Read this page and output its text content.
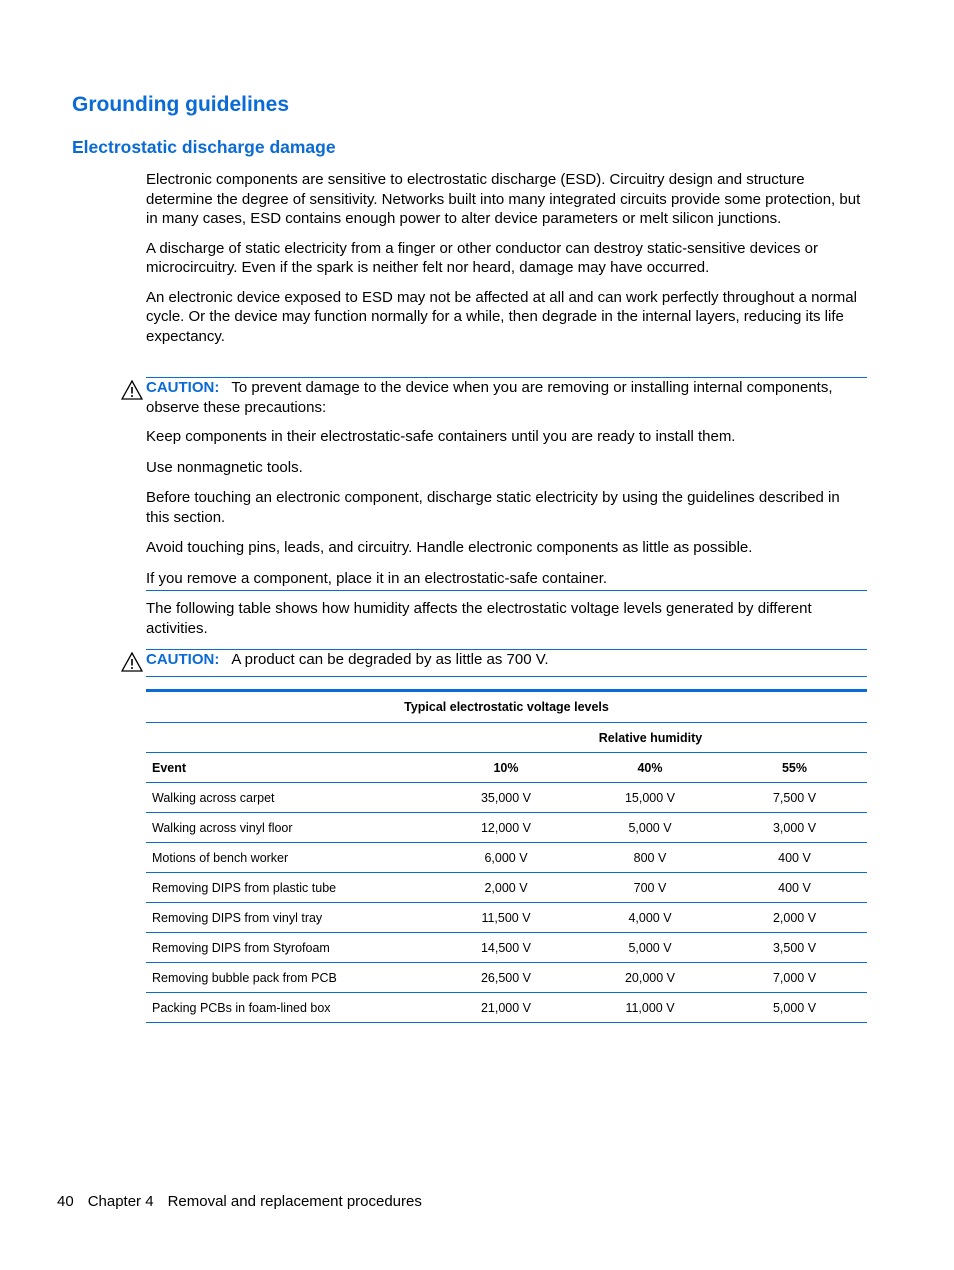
Grounding guidelines
Electrostatic discharge damage

Electronic components are sensitive to electrostatic discharge (ESD). Circuitry design and structure determine the degree of sensitivity. Networks built into many integrated circuits provide some protection, but in many cases, ESD contains enough power to alter device parameters or melt silicon junctions.

A discharge of static electricity from a finger or other conductor can destroy static-sensitive devices or microcircuitry. Even if the spark is neither felt nor heard, damage may have occurred.

An electronic device exposed to ESD may not be affected at all and can work perfectly throughout a normal cycle. Or the device may function normally for a while, then degrade in the internal layers, reducing its life expectancy.

CAUTION: To prevent damage to the device when you are removing or installing internal components, observe these precautions:

Keep components in their electrostatic-safe containers until you are ready to install them.

Use nonmagnetic tools.

Before touching an electronic component, discharge static electricity by using the guidelines described in this section.

Avoid touching pins, leads, and circuitry. Handle electronic components as little as possible.

If you remove a component, place it in an electrostatic-safe container.

The following table shows how humidity affects the electrostatic voltage levels generated by different activities.

CAUTION: A product can be degraded by as little as 700 V.

Typical electrostatic voltage levels			
	Relative humidity		
Event	10%	40%	55%
Walking across carpet	35,000 V	15,000 V	7,500 V
Walking across vinyl floor	12,000 V	5,000 V	3,000 V
Motions of bench worker	6,000 V	800 V	400 V
Removing DIPS from plastic tube	2,000 V	700 V	400 V
Removing DIPS from vinyl tray	11,500 V	4,000 V	2,000 V
Removing DIPS from Styrofoam	14,500 V	5,000 V	3,500 V
Removing bubble pack from PCB	26,500 V	20,000 V	7,000 V
Packing PCBs in foam-lined box	21,000 V	11,000 V	5,000 V
40 Chapter 4 Removal and replacement procedures
